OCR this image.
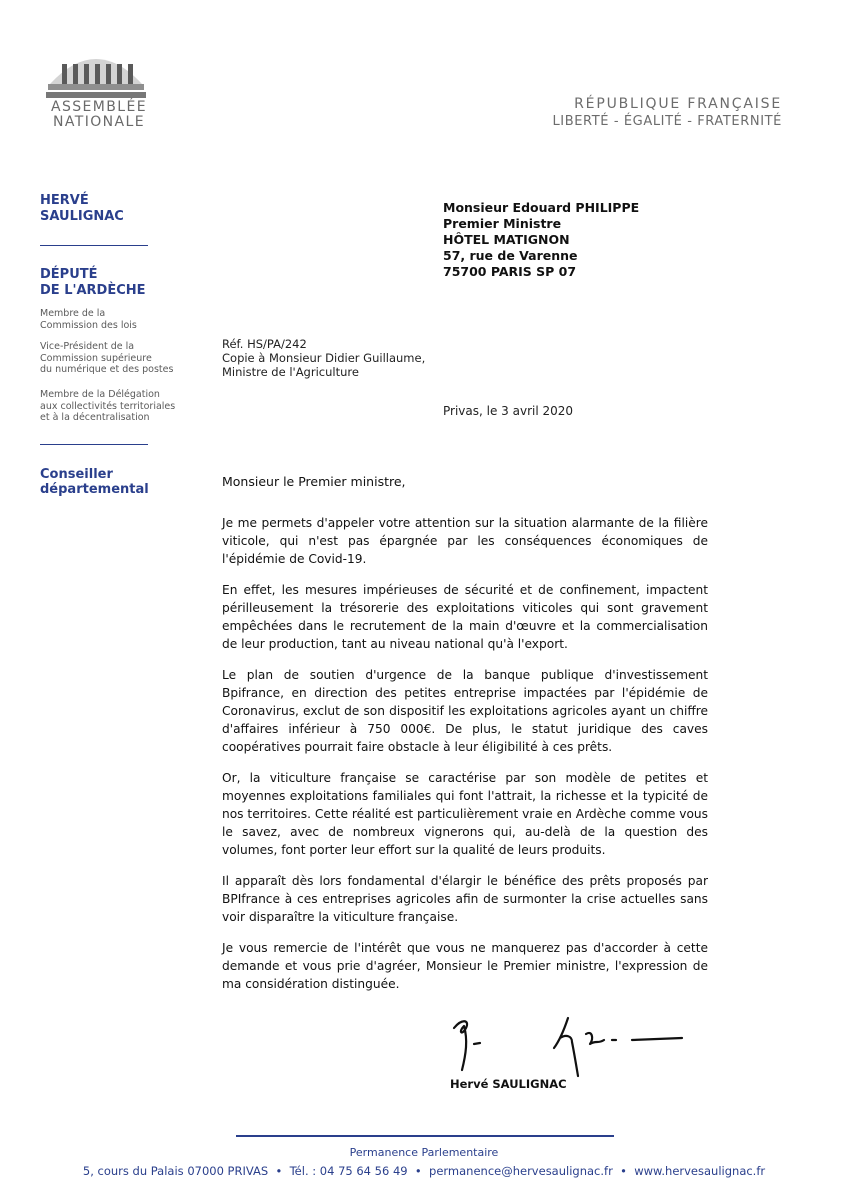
ASSEMBLÉE
NATIONALE
RÉPUBLIQUE FRANÇAISE
LIBERTÉ - ÉGALITÉ - FRATERNITÉ
HERVÉ
SAULIGNAC
DÉPUTÉ
DE L'ARDÈCHE
Membre de la
Commission des lois
Vice-Président de la
Commission supérieure
du numérique et des postes
Membre de la Délégation
aux collectivités territoriales
et à la décentralisation
Conseiller
départemental
Monsieur Edouard PHILIPPE
Premier Ministre
HÔTEL MATIGNON
57, rue de Varenne
75700 PARIS SP 07
Réf. HS/PA/242
Copie à Monsieur Didier Guillaume,
Ministre de l'Agriculture
Privas, le 3 avril 2020
Monsieur le Premier ministre,

Je me permets d'appeler votre attention sur la situation alarmante de la filière viticole, qui n'est pas épargnée par les conséquences économiques de l'épidémie de Covid-19.

En effet, les mesures impérieuses de sécurité et de confinement, impactent périlleusement la trésorerie des exploitations viticoles qui sont gravement empêchées dans le recrutement de la main d'œuvre et la commercialisation de leur production, tant au niveau national qu'à l'export.

Le plan de soutien d'urgence de la banque publique d'investissement Bpifrance, en direction des petites entreprise impactées par l'épidémie de Coronavirus, exclut de son dispositif les exploitations agricoles ayant un chiffre d'affaires inférieur à 750 000€. De plus, le statut juridique des caves coopératives pourrait faire obstacle à leur éligibilité à ces prêts.

Or, la viticulture française se caractérise par son modèle de petites et moyennes exploitations familiales qui font l'attrait, la richesse et la typicité de nos territoires. Cette réalité est particulièrement vraie en Ardèche comme vous le savez, avec de nombreux vignerons qui, au-delà de la question des volumes, font porter leur effort sur la qualité de leurs produits.

Il apparaît dès lors fondamental d'élargir le bénéfice des prêts proposés par BPIfrance à ces entreprises agricoles afin de surmonter la crise actuelles sans voir disparaître la viticulture française.

Je vous remercie de l'intérêt que vous ne manquerez pas d'accorder à cette demande et vous prie d'agréer, Monsieur le Premier ministre, l'expression de ma considération distinguée.

Hervé SAULIGNAC
Permanence Parlementaire
5, cours du Palais 07000 PRIVAS  •  Tél. : 04 75 64 56 49  •  permanence@hervesaulignac.fr  •  www.hervesaulignac.fr
